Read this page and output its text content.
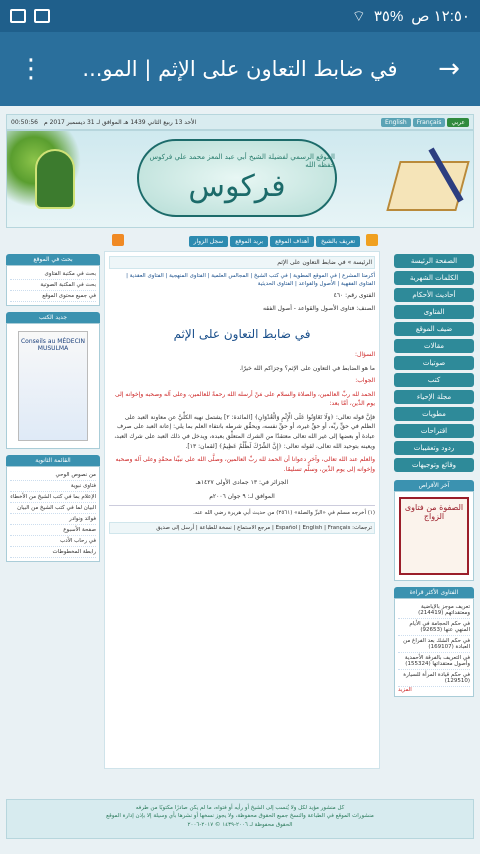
١٢:٥٠ ص
%٣٥
⌔
⋮	في ضابط التعاون على الإثم | المو...	→
00:50:56 الأحد 13 ربيع الثاني 1439 هـ الموافق لـ 31 ديسمبر 2017 م	English	Français	عربي
الموقع الرسمي لفضيلة الشيخ أبي عبد المعز محمد علي فركوس حفظه الله
فركوس
تعريف بالشيخ
أهداف الموقع
بريد الموقع
سجل الزوار
بحث في الموقع
بحث في مكتبة الفتاوى
بحث في المكتبة الصوتية
في جميع محتوى الموقع
جديد الكتب
Conseils au MÉDECIN MUSULMA
القائمة الثانوية
من نصوص الوحي
فتاوى نبوية
الإعلام بما في كتب الشيخ من الأخطاء
البيان لما في كتب الشيخ من البيان
فوائد ونوادر
صفحة الأسبوع
في رحاب الأدب
رابطة المخطوطات
الصفحة الرئيسة
الكلمات الشهرية
أحاديث الأحكام
الفتاوى
ضيف الموقع
مقالات
صوتيات
كتب
مجلة الإحياء
مطويات
اقتراحات
ردود وتعقيبات
وقائع وتوجيهات
آخر الأقراص
الصفوة من فتاوى الزواج
الفتاوى الأكثر قراءة
تعريف موجز بالإباضية ومعتقداتهم (214419)
في حكم الحجامة في الأيام المنهي عنها (92653)
في حكم الشك بعد الفراغ من العبادة (169107)
في التعريف بالفرقة الأحمدية وأصول معتقداتها (155324)
في حكم قيادة المرأة للسيارة (129510)
المزيد
الرئيسة » في ضابط التعاون على الإثم
أكرمنا المشرع | في الموقع المطوية | في كتب الشيخ | المجالس العلمية | الفتاوى المنهجية | الفتاوى العقدية | الفتاوى الفقهية | الأصول والقواعد | الفتاوى الحديثية
الفتوى رقم: ٤٦٠
الصنف: فتاوى الأصول والقواعد - أصول الفقه
في ضابط التعاون على الإثم
السؤال:
ما هو الضابط في التعاون على الإثم؟ وجزاكم الله خيرًا.
الجواب:
الحمد لله ربِّ العالمين، والصلاة والسلام على مَنْ أرسله الله رحمةً للعالمين، وعلى آله وصحبه وإخوانه إلى يوم الدِّين، أمَّا بعد:
فإنَّ قوله تعالى: ﴿وَلَا تَعَاوَنُوا عَلَى الْإِثْمِ وَالْعُدْوَانِ﴾ [المائدة: ٢] يشتمل نهيه الكلِّيَّ عن معاونة العبد على الظلم في حقٍّ ربِّه، أو حقِّ غيره، أو حقِّ نفسه، ويحقِّق شرطه بانتفاء العلم بما يلي: إعانة العبد على صرف عبادة أو بعضها إلى غير الله تعالى معتقدًا من الشرك المتعلِّق بعبده، ويدخل في ذلك العبد على شرك العبد، ويعينه بتوحيد الله تعالى، لقوله تعالى: ﴿إِنَّ الشِّرْكَ لَظُلْمٌ عَظِيمٌ﴾ [لقمان: ١٣].
والعلم عند الله تعالى، وآخر دعوانا أن الحمد لله ربِّ العالمين، وصلَّى الله على نبيِّنا محمَّدٍ وعلى آله وصحبه وإخوانه إلى يوم الدِّين، وسلَّم تسليمًا.
الجزائر في: ١٣ جمادى الأولى ١٤٢٧هـ
الموافق لـ: ٩ جوان ٢٠٠٦م
(١) أخرجه مسلم في «البرِّ والصلة» (٢٥٦١) من حديث أبي هريرة رضي الله عنه.
ترجمات: Español | English | Français | مرجع الاستماع | نسخة للطباعة | أرسل إلى صديق
كل منشور مؤيد لكل ولا يُنسب إلى الشيخ أو رأيه أو فتواه، ما لم يكن صادرًا مكتوبًا من طرفه
منشورات الموقع في الطباعة والنسخ جميع الحقوق محفوظة، ولا يجوز نسخها أو نشرها بأي وسيلة إلا بإذن إدارة الموقع
الحقوق محفوظة لـ ٢٠٠٦-١٤٣٩ © ٢٠١٧-٢٠٠٦
